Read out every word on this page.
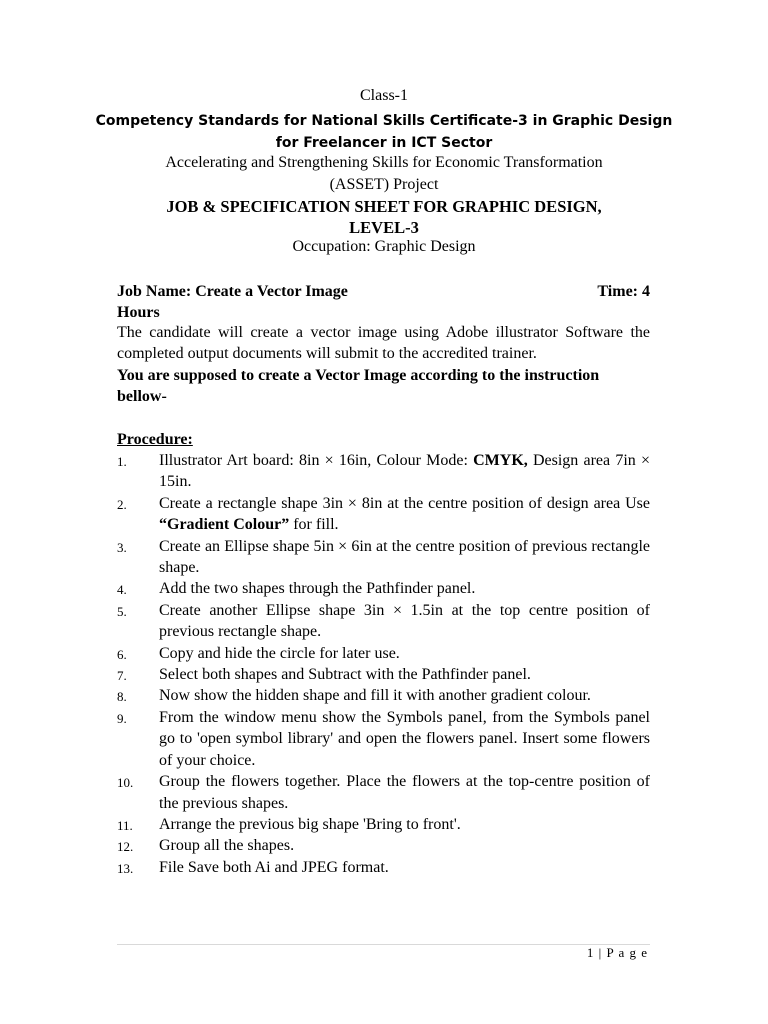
Class-1
Competency Standards for National Skills Certificate-3 in Graphic Design
for Freelancer in ICT Sector
Accelerating and Strengthening Skills for Economic Transformation
(ASSET) Project
JOB & SPECIFICATION SHEET FOR GRAPHIC DESIGN,
LEVEL-3
Occupation: Graphic Design
Job Name: Create a Vector Image	Time: 4
Hours
The candidate will create a vector image using Adobe illustrator Software the completed output documents will submit to the accredited trainer.
You are supposed to create a Vector Image according to the instruction bellow-
Procedure:
1. Illustrator Art board: 8in × 16in, Colour Mode: CMYK, Design area 7in × 15in.
2. Create a rectangle shape 3in × 8in at the centre position of design area Use “Gradient Colour” for fill.
3. Create an Ellipse shape 5in × 6in at the centre position of previous rectangle shape.
4. Add the two shapes through the Pathfinder panel.
5. Create another Ellipse shape 3in × 1.5in at the top centre position of previous rectangle shape.
6. Copy and hide the circle for later use.
7. Select both shapes and Subtract with the Pathfinder panel.
8. Now show the hidden shape and fill it with another gradient colour.
9. From the window menu show the Symbols panel, from the Symbols panel go to 'open symbol library' and open the flowers panel. Insert some flowers of your choice.
10. Group the flowers together. Place the flowers at the top-centre position of the previous shapes.
11. Arrange the previous big shape 'Bring to front'.
12. Group all the shapes.
13. File Save both Ai and JPEG format.
1 | P a g e
